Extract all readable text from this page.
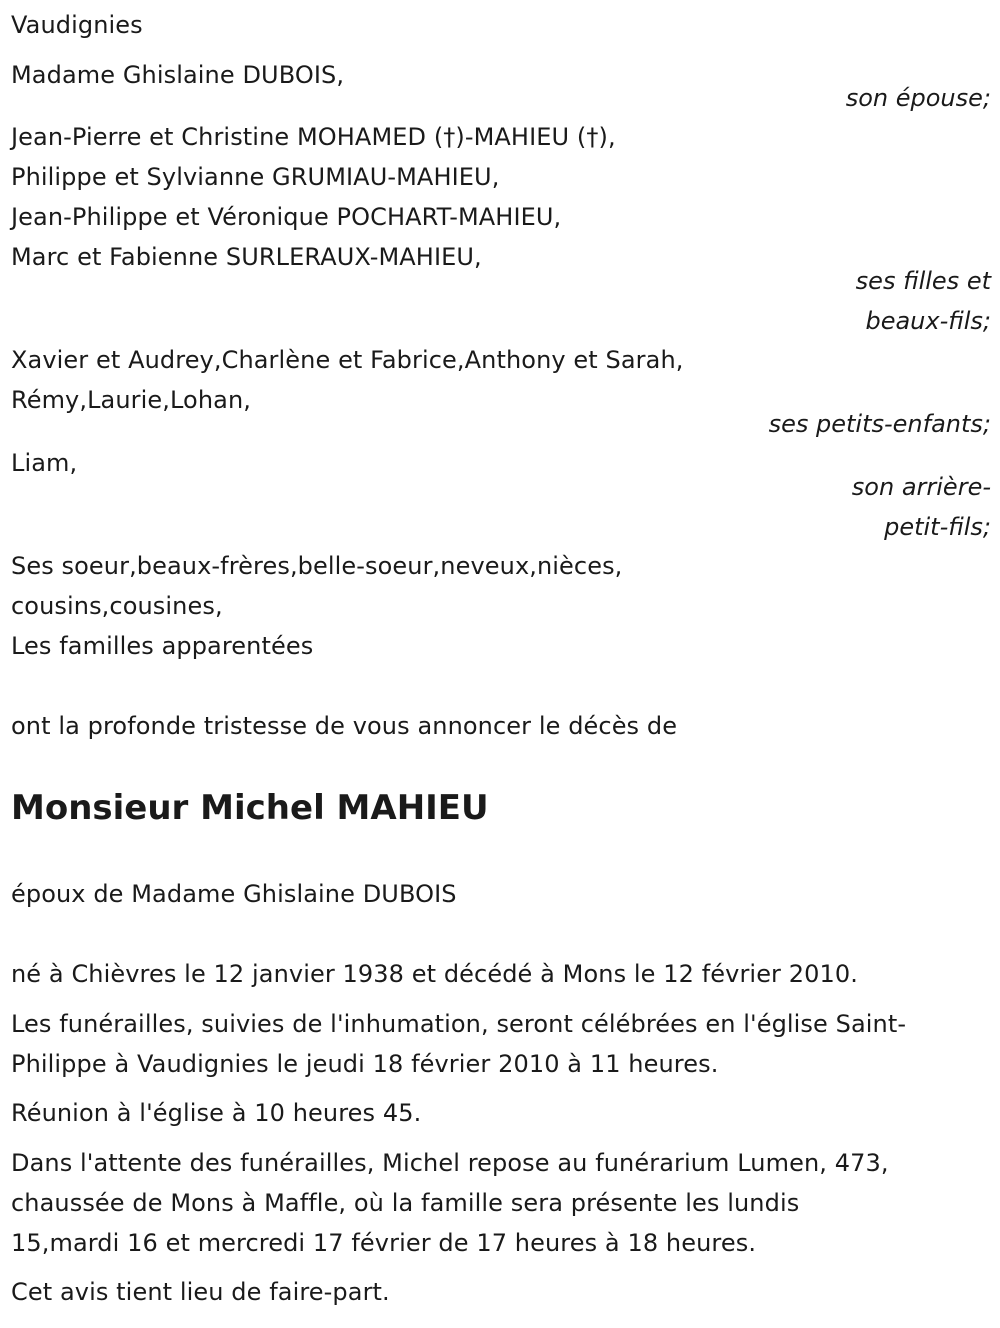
Vaudignies
Madame Ghislaine DUBOIS,
son épouse;
Jean-Pierre et Christine MOHAMED (†)-MAHIEU (†),
Philippe et Sylvianne GRUMIAU-MAHIEU,
Jean-Philippe et Véronique POCHART-MAHIEU,
Marc et Fabienne SURLERAUX-MAHIEU,
ses filles et
beaux-fils;
Xavier et Audrey,Charlène et Fabrice,Anthony et Sarah,
Rémy,Laurie,Lohan,
ses petits-enfants;
Liam,
son arrière-
petit-fils;
Ses soeur,beaux-frères,belle-soeur,neveux,nièces,
cousins,cousines,
Les familles apparentées
ont la profonde tristesse de vous annoncer le décès de
Monsieur Michel MAHIEU
époux de Madame Ghislaine DUBOIS
né à Chièvres le 12 janvier 1938 et décédé à Mons le 12 février 2010.
Les funérailles, suivies de l'inhumation, seront célébrées en l'église Saint-
Philippe à Vaudignies le jeudi 18 février 2010 à 11 heures.
Réunion à l'église à 10 heures 45.
Dans l'attente des funérailles, Michel repose au funérarium Lumen, 473,
chaussée de Mons à Maffle, où la famille sera présente les lundis
15,mardi 16 et mercredi 17 février de 17 heures à 18 heures.
Cet avis tient lieu de faire-part.
